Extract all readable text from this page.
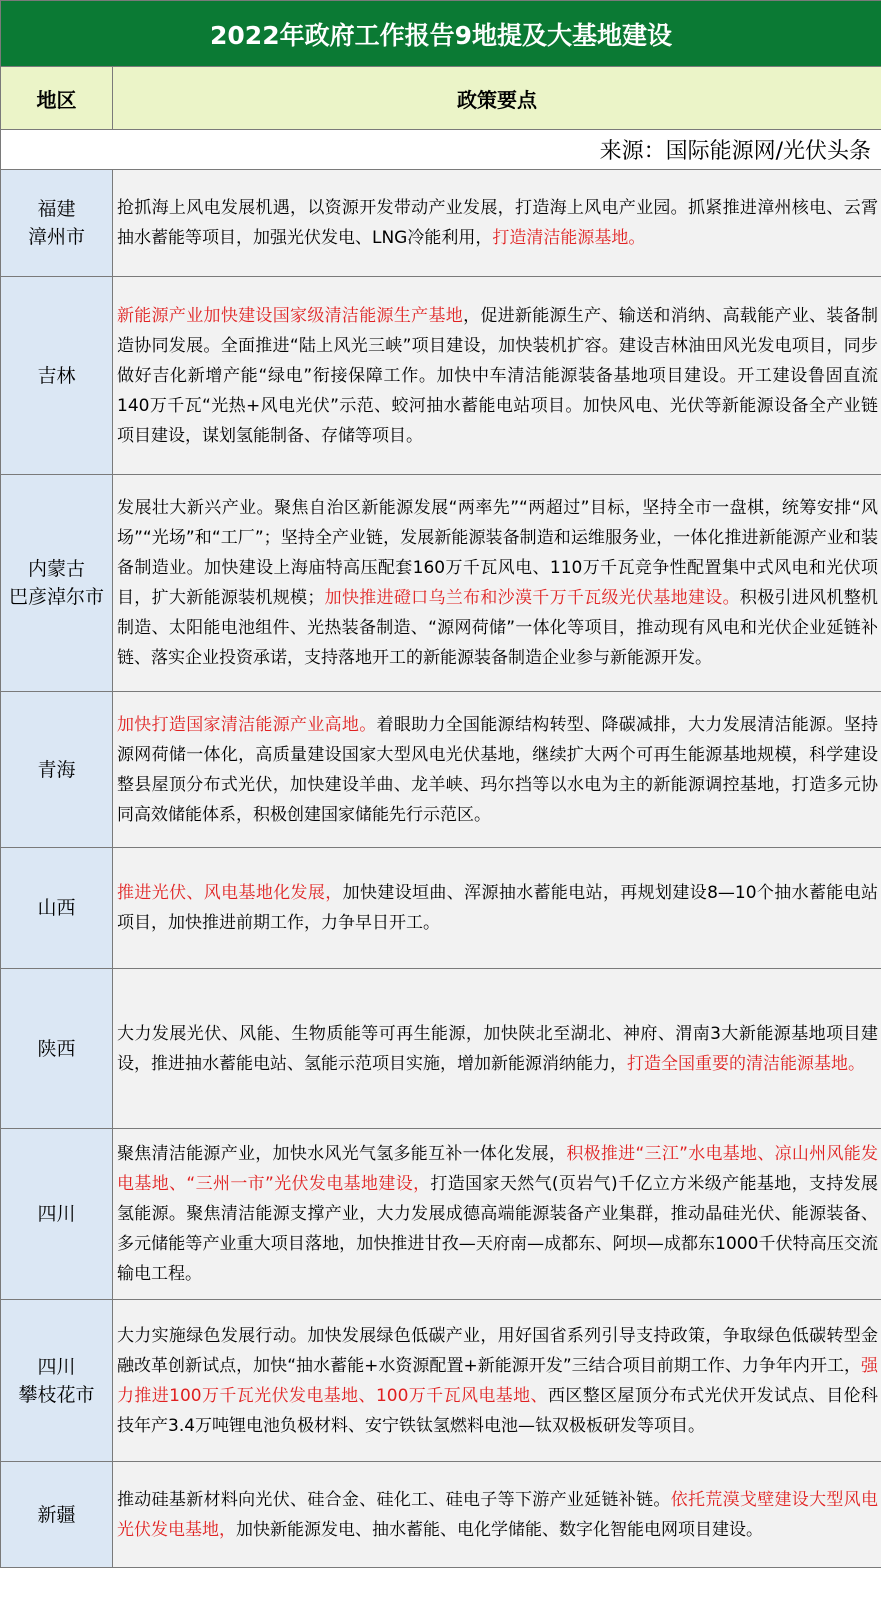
2022年政府工作报告9地提及大基地建设	
地区	政策要点
来源：国际能源网/光伏头条	

福建
漳州市	抢抓海上风电发展机遇，以资源开发带动产业发展，打造海上风电产业园。抓紧推进漳州核电、云霄抽水蓄能等项目，加强光伏发电、LNG冷能利用，打造清洁能源基地。

吉林	新能源产业加快建设国家级清洁能源生产基地，促进新能源生产、输送和消纳、高载能产业、装备制造协同发展。全面推进“陆上风光三峡”项目建设，加快装机扩容。建设吉林油田风光发电项目，同步做好吉化新增产能“绿电”衔接保障工作。加快中车清洁能源装备基地项目建设。开工建设鲁固直流140万千瓦“光热+风电光伏”示范、蛟河抽水蓄能电站项目。加快风电、光伏等新能源设备全产业链项目建设，谋划氢能制备、存储等项目。

内蒙古
巴彦淖尔市	发展壮大新兴产业。聚焦自治区新能源发展“两率先”“两超过”目标，坚持全市一盘棋，统筹安排“风场”“光场”和“工厂”；坚持全产业链，发展新能源装备制造和运维服务业，一体化推进新能源产业和装备制造业。加快建设上海庙特高压配套160万千瓦风电、110万千瓦竞争性配置集中式风电和光伏项目，扩大新能源装机规模；加快推进磴口乌兰布和沙漠千万千瓦级光伏基地建设。积极引进风机整机制造、太阳能电池组件、光热装备制造、“源网荷储”一体化等项目，推动现有风电和光伏企业延链补链、落实企业投资承诺，支持落地开工的新能源装备制造企业参与新能源开发。

青海	加快打造国家清洁能源产业高地。着眼助力全国能源结构转型、降碳减排，大力发展清洁能源。坚持源网荷储一体化，高质量建设国家大型风电光伏基地，继续扩大两个可再生能源基地规模，科学建设整县屋顶分布式光伏，加快建设羊曲、龙羊峡、玛尔挡等以水电为主的新能源调控基地，打造多元协同高效储能体系，积极创建国家储能先行示范区。

山西	推进光伏、风电基地化发展，加快建设垣曲、浑源抽水蓄能电站，再规划建设8—10个抽水蓄能电站项目，加快推进前期工作，力争早日开工。

陕西	大力发展光伏、风能、生物质能等可再生能源，加快陕北至湖北、神府、渭南3大新能源基地项目建设，推进抽水蓄能电站、氢能示范项目实施，增加新能源消纳能力，打造全国重要的清洁能源基地。

四川	聚焦清洁能源产业，加快水风光气氢多能互补一体化发展，积极推进“三江”水电基地、凉山州风能发电基地、“三州一市”光伏发电基地建设，打造国家天然气(页岩气)千亿立方米级产能基地，支持发展氢能源。聚焦清洁能源支撑产业，大力发展成德高端能源装备产业集群，推动晶硅光伏、能源装备、多元储能等产业重大项目落地，加快推进甘孜—天府南—成都东、阿坝—成都东1000千伏特高压交流输电工程。

四川
攀枝花市	大力实施绿色发展行动。加快发展绿色低碳产业，用好国省系列引导支持政策，争取绿色低碳转型金融改革创新试点，加快“抽水蓄能+水资源配置+新能源开发”三结合项目前期工作、力争年内开工，强力推进100万千瓦光伏发电基地、100万千瓦风电基地、西区整区屋顶分布式光伏开发试点、目伦科技年产3.4万吨锂电池负极材料、安宁铁钛氢燃料电池—钛双极板研发等项目。

新疆	推动硅基新材料向光伏、硅合金、硅化工、硅电子等下游产业延链补链。依托荒漠戈壁建设大型风电光伏发电基地，加快新能源发电、抽水蓄能、电化学储能、数字化智能电网项目建设。
